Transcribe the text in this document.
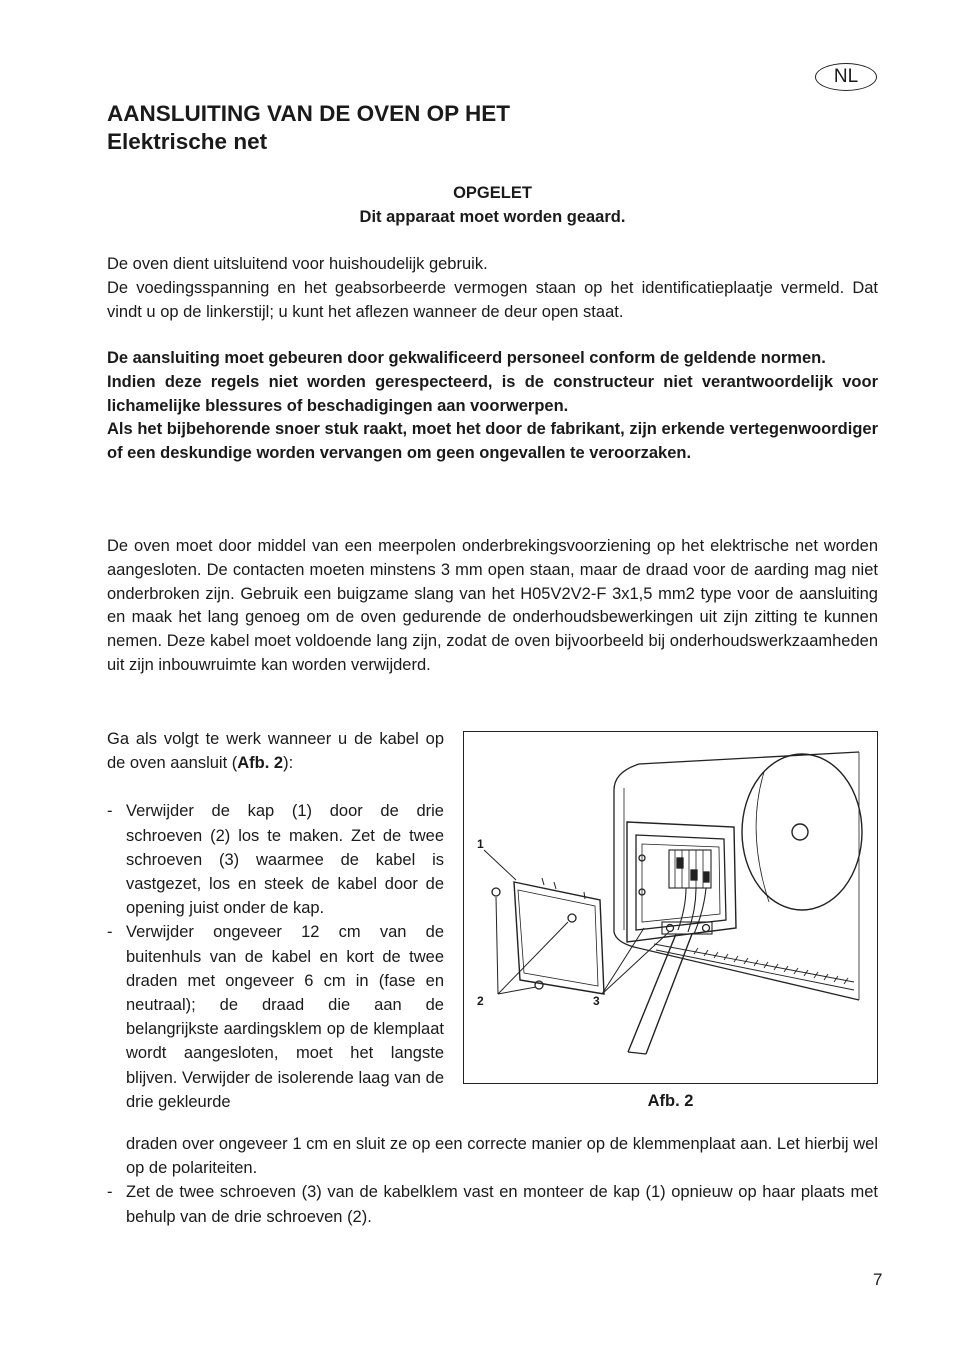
NL
AANSLUITING VAN DE OVEN OP HET
Elektrische net
OPGELET
Dit apparaat moet worden geaard.

De oven dient uitsluitend voor huishoudelijk gebruik.

De voedingsspanning en het geabsorbeerde vermogen staan op het identificatieplaatje vermeld. Dat vindt u op de linkerstijl; u kunt het aflezen wanneer de deur open staat.

De aansluiting moet gebeuren door gekwalificeerd personeel conform de geldende normen.

Indien deze regels niet worden gerespecteerd, is de constructeur niet verantwoordelijk voor lichamelijke blessures of beschadigingen aan voorwerpen.

Als het bijbehorende snoer stuk raakt, moet het door de fabrikant, zijn erkende vertegenwoordiger of een deskundige worden vervangen om geen ongevallen te veroorzaken.

De oven moet door middel van een meerpolen onderbrekingsvoorziening op het elektrische net worden aangesloten. De contacten moeten minstens 3 mm open staan, maar de draad voor de aarding mag niet onderbroken zijn. Gebruik een buigzame slang van het H05V2V2-F 3x1,5 mm2 type voor de aansluiting en maak het lang genoeg om de oven gedurende de onderhoudsbewerkingen uit zijn zitting te kunnen nemen. Deze kabel moet voldoende lang zijn, zodat de oven bijvoorbeeld bij onderhoudswerkzaamheden uit zijn inbouwruimte kan worden verwijderd.

Ga als volgt te werk wanneer u de kabel op de oven aansluit (Afb. 2):

- Verwijder de kap (1) door de drie schroeven (2) los te maken. Zet de twee schroeven (3) waarmee de kabel is vastgezet, los en steek de kabel door de opening juist onder de kap.
- Verwijder ongeveer 12 cm van de buitenhuls van de kabel en kort de twee draden met ongeveer 6 cm in (fase en neutraal); de draad die aan de belangrijkste aardingsklem op de klemplaat wordt aangesloten, moet het langste blijven. Verwijder de isolerende laag van de drie gekleurde
draden over ongeveer 1 cm en sluit ze op een correcte manier op de klemmenplaat aan. Let hierbij wel op de polariteiten.
- Zet de twee schroeven (3) van de kabelklem vast en monteer de kap (1) opnieuw op haar plaats met behulp van de drie schroeven (2).
1
2	3
Afb. 2
7
